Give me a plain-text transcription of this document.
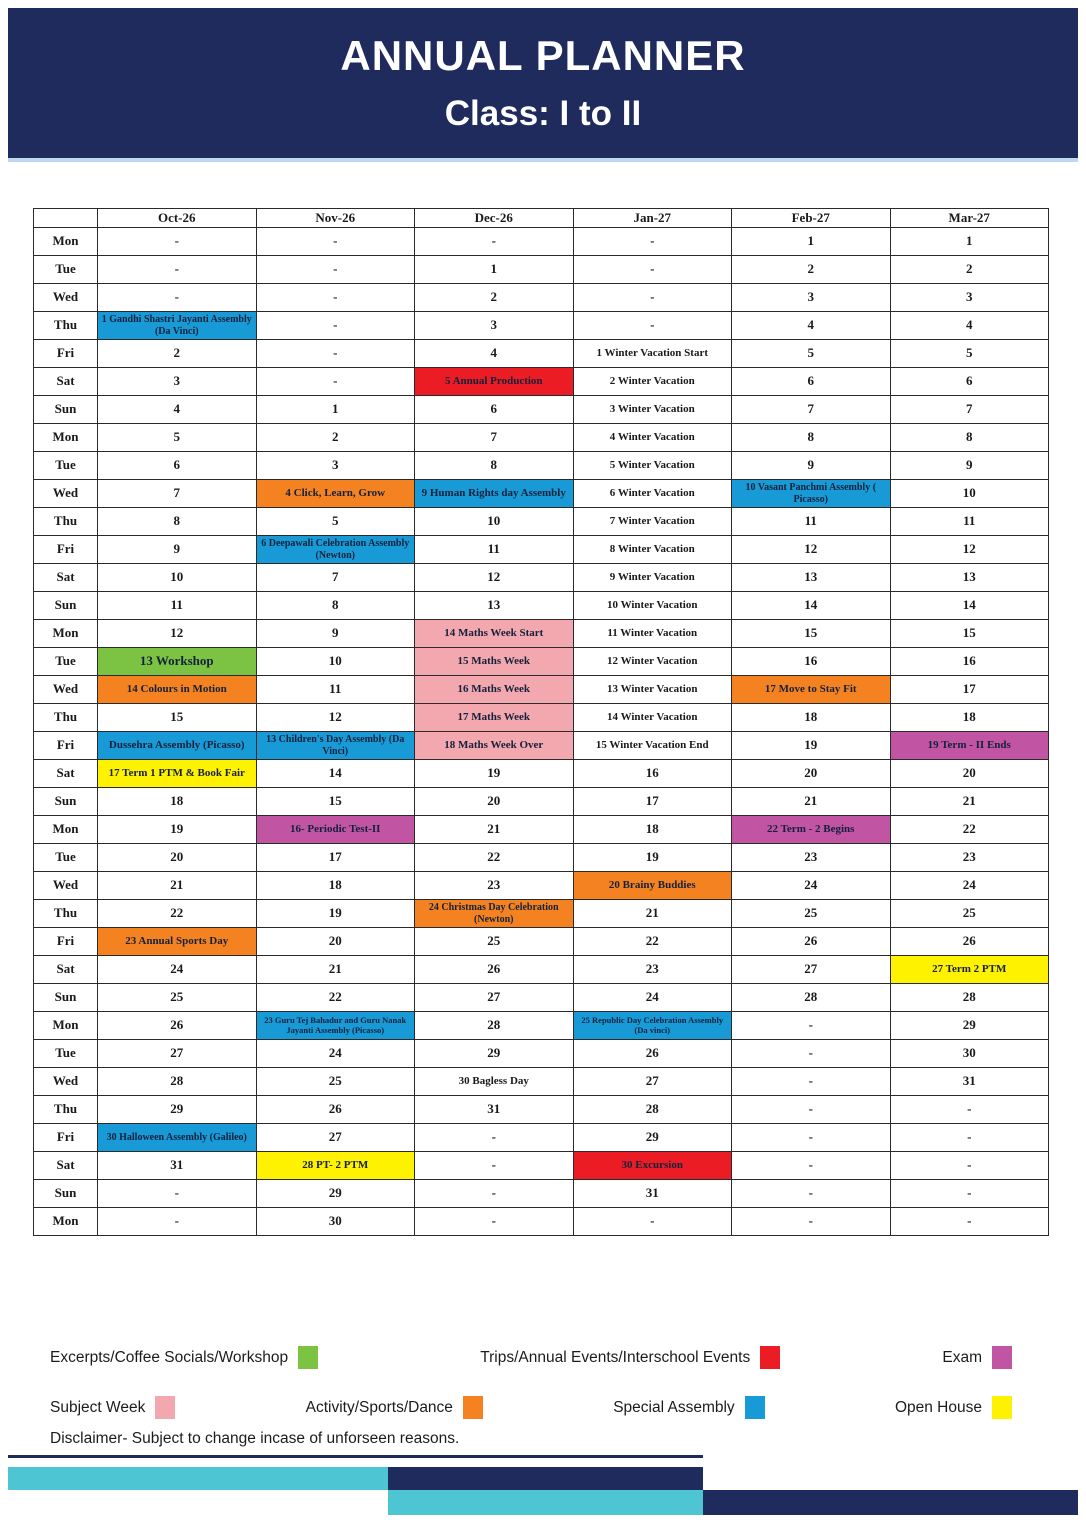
ANNUAL PLANNER
Class: I to II
	Oct-26	Nov-26	Dec-26	Jan-27	Feb-27	Mar-27
Mon	-	-	-	-	1	1
Tue	-	-	1	-	2	2
Wed	-	-	2	-	3	3
Thu	1 Gandhi Shastri Jayanti Assembly (Da Vinci)	-	3	-	4	4
Fri	2	-	4	1 Winter Vacation Start	5	5
Sat	3	-	5 Annual Production	2 Winter Vacation	6	6
Sun	4	1	6	3 Winter Vacation	7	7
Mon	5	2	7	4 Winter Vacation	8	8
Tue	6	3	8	5 Winter Vacation	9	9
Wed	7	4 Click, Learn, Grow	9 Human Rights day Assembly	6 Winter Vacation	10 Vasant Panchmi Assembly ( Picasso)	10
Thu	8	5	10	7 Winter Vacation	11	11
Fri	9	6 Deepawali Celebration Assembly (Newton)	11	8 Winter Vacation	12	12
Sat	10	7	12	9 Winter Vacation	13	13
Sun	11	8	13	10 Winter Vacation	14	14
Mon	12	9	14 Maths Week Start	11 Winter Vacation	15	15
Tue	13 Workshop	10	15 Maths Week	12 Winter Vacation	16	16
Wed	14 Colours in Motion	11	16 Maths Week	13 Winter Vacation	17 Move to Stay Fit	17
Thu	15	12	17 Maths Week	14 Winter Vacation	18	18
Fri	Dussehra Assembly (Picasso)	13 Children's Day Assembly (Da Vinci)	18 Maths Week Over	15 Winter Vacation End	19	19 Term - II Ends
Sat	17 Term 1 PTM & Book Fair	14	19	16	20	20
Sun	18	15	20	17	21	21
Mon	19	16- Periodic Test-II	21	18	22 Term - 2 Begins	22
Tue	20	17	22	19	23	23
Wed	21	18	23	20 Brainy Buddies	24	24
Thu	22	19	24 Christmas Day Celebration (Newton)	21	25	25
Fri	23 Annual Sports Day	20	25	22	26	26
Sat	24	21	26	23	27	27 Term 2 PTM
Sun	25	22	27	24	28	28
Mon	26	23 Guru Tej Bahadur and Guru Nanak Jayanti Assembly (Picasso)	28	25 Republic Day Celebration Assembly (Da vinci)	-	29
Tue	27	24	29	26	-	30
Wed	28	25	30 Bagless Day	27	-	31
Thu	29	26	31	28	-	-
Fri	30 Halloween Assembly (Galileo)	27	-	29	-	-
Sat	31	28 PT- 2 PTM	-	30 Excursion	-	-
Sun	-	29	-	31	-	-
Mon	-	30	-	-	-	-
Excerpts/Coffee Socials/Workshop	Trips/Annual Events/Interschool Events	Exam
Subject Week	Activity/Sports/Dance	Special Assembly	Open House
Disclaimer- Subject to change incase of unforseen reasons.
